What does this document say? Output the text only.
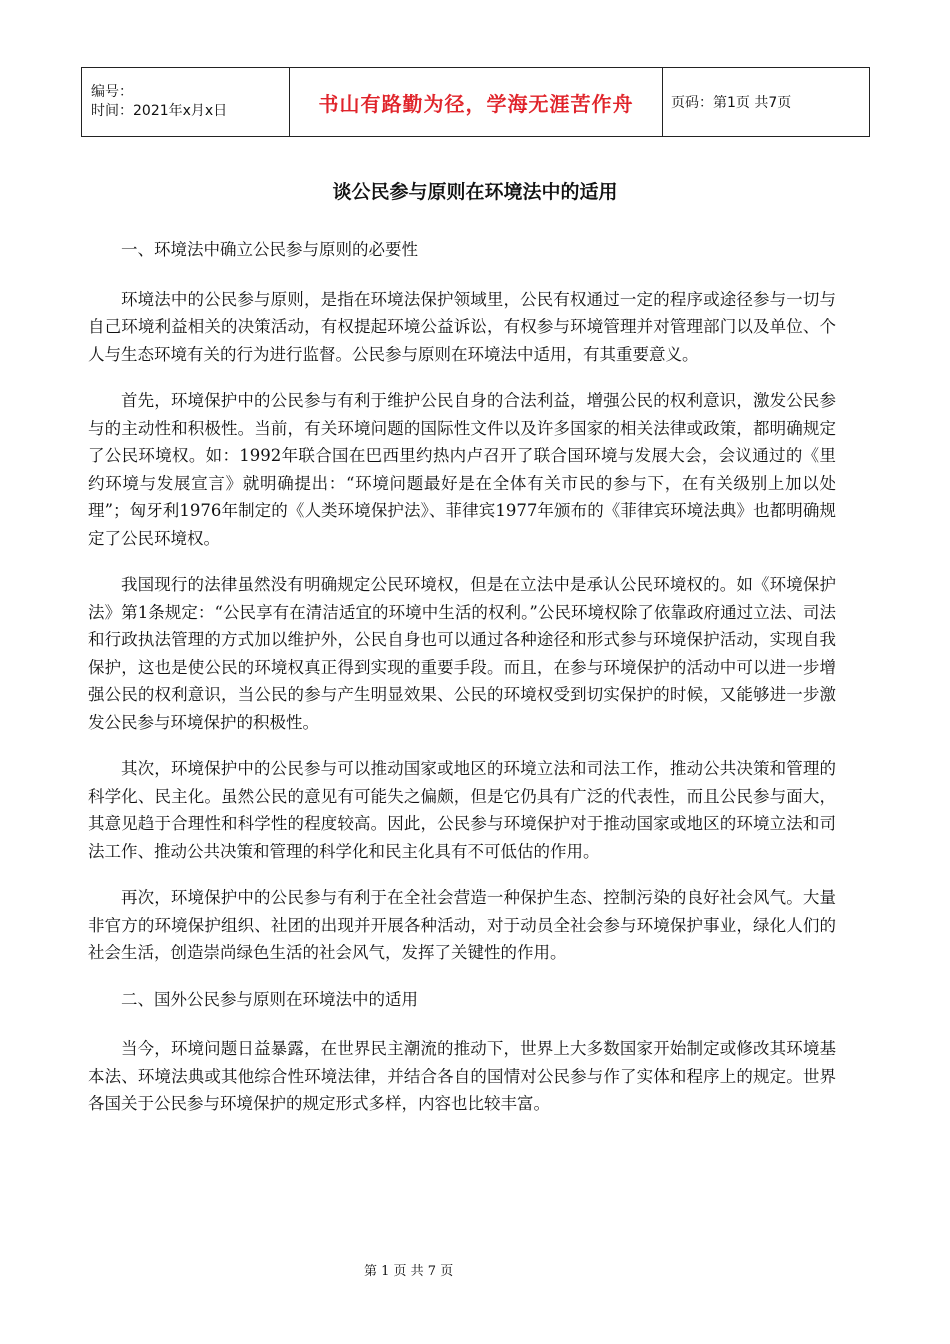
编号：
时间：2021年x月x日	书山有路勤为径，学海无涯苦作舟	页码：第1页 共7页
谈公民参与原则在环境法中的适用

一、环境法中确立公民参与原则的必要性

环境法中的公民参与原则，是指在环境法保护领域里，公民有权通过一定的程序或途径参与一切与自己环境利益相关的决策活动，有权提起环境公益诉讼，有权参与环境管理并对管理部门以及单位、个人与生态环境有关的行为进行监督。公民参与原则在环境法中适用，有其重要意义。

首先，环境保护中的公民参与有利于维护公民自身的合法利益，增强公民的权利意识，激发公民参与的主动性和积极性。当前，有关环境问题的国际性文件以及许多国家的相关法律或政策，都明确规定了公民环境权。如：1992年联合国在巴西里约热内卢召开了联合国环境与发展大会，会议通过的《里约环境与发展宣言》就明确提出：“环境问题最好是在全体有关市民的参与下，在有关级别上加以处理”；匈牙利1976年制定的《人类环境保护法》、菲律宾1977年颁布的《菲律宾环境法典》也都明确规定了公民环境权。

我国现行的法律虽然没有明确规定公民环境权，但是在立法中是承认公民环境权的。如《环境保护法》第1条规定：“公民享有在清洁适宜的环境中生活的权利。”公民环境权除了依靠政府通过立法、司法和行政执法管理的方式加以维护外，公民自身也可以通过各种途径和形式参与环境保护活动，实现自我保护，这也是使公民的环境权真正得到实现的重要手段。而且，在参与环境保护的活动中可以进一步增强公民的权利意识，当公民的参与产生明显效果、公民的环境权受到切实保护的时候，又能够进一步激发公民参与环境保护的积极性。

其次，环境保护中的公民参与可以推动国家或地区的环境立法和司法工作，推动公共决策和管理的科学化、民主化。虽然公民的意见有可能失之偏颇，但是它仍具有广泛的代表性，而且公民参与面大，其意见趋于合理性和科学性的程度较高。因此，公民参与环境保护对于推动国家或地区的环境立法和司法工作、推动公共决策和管理的科学化和民主化具有不可低估的作用。

再次，环境保护中的公民参与有利于在全社会营造一种保护生态、控制污染的良好社会风气。大量非官方的环境保护组织、社团的出现并开展各种活动，对于动员全社会参与环境保护事业，绿化人们的社会生活，创造崇尚绿色生活的社会风气，发挥了关键性的作用。

二、国外公民参与原则在环境法中的适用

当今，环境问题日益暴露，在世界民主潮流的推动下，世界上大多数国家开始制定或修改其环境基本法、环境法典或其他综合性环境法律，并结合各自的国情对公民参与作了实体和程序上的规定。世界各国关于公民参与环境保护的规定形式多样，内容也比较丰富。

第 1 页 共 7 页
